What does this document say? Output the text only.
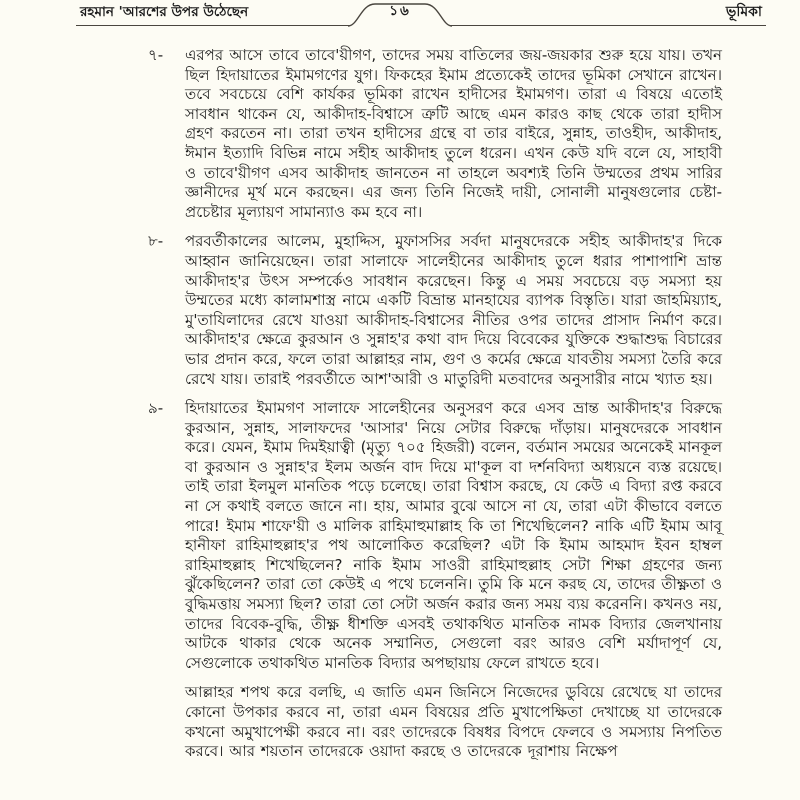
রহমান 'আরশের উপর উঠেছেন	১৬	ভূমিকা
৭-	এরপর আসে তাবে তাবে'য়ীগণ, তাদের সময় বাতিলের জয়-জয়কার শুরু হয়ে যায়। তখন ছিল হিদায়াতের ইমামগণের যুগ। ফিকহের ইমাম প্রত্যেকেই তাদের ভূমিকা সেখানে রাখেন। তবে সবচেয়ে বেশি কার্যকর ভূমিকা রাখেন হাদীসের ইমামগণ। তারা এ বিষয়ে এতোই সাবধান থাকেন যে, আকীদাহ-বিশ্বাসে ত্রুটি আছে এমন কারও কাছ থেকে তারা হাদীস গ্রহণ করতেন না। তারা তখন হাদীসের গ্রন্থে বা তার বাইরে, সুন্নাহ, তাওহীদ, আকীদাহ, ঈমান ইত্যাদি বিভিন্ন নামে সহীহ আকীদাহ তুলে ধরেন। এখন কেউ যদি বলে যে, সাহাবী ও তাবে'য়ীগণ এসব আকীদাহ জানতেন না তাহলে অবশ্যই তিনি উম্মতের প্রথম সারির জ্ঞানীদের মূর্খ মনে করছেন। এর জন্য তিনি নিজেই দায়ী, সোনালী মানুষগুলোর চেষ্টা-প্রচেষ্টার মূল্যায়ণ সামান্যাও কম হবে না।
৮-	পরবর্তীকালের আলেম, মুহাদ্দিস, মুফাসসির সর্বদা মানুষদেরকে সহীহ আকীদাহ'র দিকে আহ্বান জানিয়েছেন। তারা সালাফে সালেহীনের আকীদাহ তুলে ধরার পাশাপাশি ভ্রান্ত আকীদাহ'র উৎস সম্পর্কেও সাবধান করেছেন। কিন্তু এ সময় সবচেয়ে বড় সমস্যা হয় উম্মতের মধ্যে কালামশাস্ত্র নামে একটি বিভ্রান্ত মানহাযের ব্যাপক বিস্তৃতি। যারা জাহমিয়্যাহ, মু'তাযিলাদের রেখে যাওয়া আকীদাহ-বিশ্বাসের নীতির ওপর তাদের প্রাসাদ নির্মাণ করে। আকীদাহ'র ক্ষেত্রে কুরআন ও সুন্নাহ'র কথা বাদ দিয়ে বিবেকের যুক্তিকে শুদ্ধাশুদ্ধ বিচারের ভার প্রদান করে, ফলে তারা আল্লাহর নাম, গুণ ও কর্মের ক্ষেত্রে যাবতীয় সমস্যা তৈরি করে রেখে যায়। তারাই পরবর্তীতে আশ'আরী ও মাতুরিদী মতবাদের অনুসারীর নামে খ্যাত হয়।
৯-	হিদায়াতের ইমামগণ সালাফে সালেহীনের অনুসরণ করে এসব ভ্রান্ত আকীদাহ'র বিরুদ্ধে কুরআন, সুন্নাহ, সালাফদের 'আসার' নিয়ে সেটার বিরুদ্ধে দাঁড়ায়। মানুষদেরকে সাবধান করে। যেমন, ইমাম দিমইয়াত্বী (মৃত্যু ৭০৫ হিজরী) বলেন, বর্তমান সময়ের অনেকেই মানকূল বা কুরআন ও সুন্নাহ'র ইলম অর্জন বাদ দিয়ে মা'কূল বা দর্শনবিদ্যা অধ্যয়নে ব্যস্ত রয়েছে। তাই তারা ইলমুল মানতিক পড়ে চলেছে। তারা বিশ্বাস করছে, যে কেউ এ বিদ্যা রপ্ত করবে না সে কথাই বলতে জানে না। হায়, আমার বুঝে আসে না যে, তারা এটা কীভাবে বলতে পারে! ইমাম শাফে'য়ী ও মালিক রাহিমাহুমাল্লাহ কি তা শিখেছিলেন? নাকি এটি ইমাম আবূ হানীফা রাহিমাহুল্লাহ'র পথ আলোকিত করেছিল? এটা কি ইমাম আহমাদ ইবন হাম্বল রাহিমাহুল্লাহ শিখেছিলেন? নাকি ইমাম সাওরী রাহিমাহুল্লাহ সেটা শিক্ষা গ্রহণের জন্য ঝুঁকেছিলেন? তারা তো কেউই এ পথে চলেননি। তুমি কি মনে করছ যে, তাদের তীক্ষ্ণতা ও বুদ্ধিমত্তায় সমস্যা ছিল? তারা তো সেটা অর্জন করার জন্য সময় ব্যয় করেননি। কখনও নয়, তাদের বিবেক-বুদ্ধি, তীক্ষ্ণ ধীশক্তি এসবই তথাকথিত মানতিক নামক বিদ্যার জেলখানায় আটকে থাকার থেকে অনেক সম্মানিত, সেগুলো বরং আরও বেশি মর্যাদাপূর্ণ যে, সেগুলোকে তথাকথিত মানতিক বিদ্যার অপছায়ায় ফেলে রাখতে হবে।
আল্লাহর শপথ করে বলছি, এ জাতি এমন জিনিসে নিজেদের ডুবিয়ে রেখেছে যা তাদের কোনো উপকার করবে না, তারা এমন বিষয়ের প্রতি মুখাপেক্ষিতা দেখাচ্ছে যা তাদেরকে কখনো অমুখাপেক্ষী করবে না। বরং তাদেরকে বিষধর বিপদে ফেলবে ও সমস্যায় নিপতিত করবে। আর শয়তান তাদেরকে ওয়াদা করছে ও তাদেরকে দূরাশায় নিক্ষেপ
